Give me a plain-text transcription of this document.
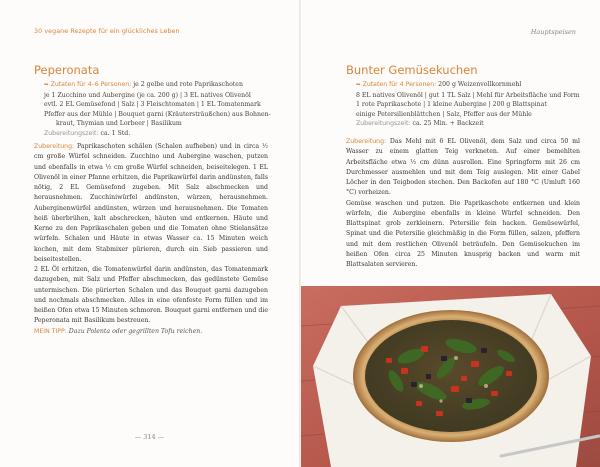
30 vegane Rezepte für ein glückliches Leben
Peperonata
➥ Zutaten für 4–6 Personen: je 2 gelbe und rote Paprikaschoten
je 1 Zucchino und Aubergine (je ca. 200 g) | 3 EL natives Olivenöl
evtl. 2 EL Gemüsefond | Salz | 3 Fleischtomaten | 1 EL Tomatenmark
Pfeffer aus der Mühle | Bouquet garni (Kräutersträußchen) aus Bohnen-
kraut, Thymian und Lorbeer | Basilikum
Zubereitungszeit: ca. 1 Std.
Zubereitung: Paprikaschoten schälen (Schalen aufheben) und in circa ½ cm große Würfel schneiden. Zucchino und Aubergine waschen, putzen und ebenfalls in etwa ½ cm große Würfel schneiden, beiseitelegen. 1 EL Olivenöl in einer Pfanne erhitzen, die Paprikawürfel darin andünsten, falls nötig, 2 EL Gemüsefond zugeben. Mit Salz abschmecken und herausnehmen. Zucchiniwürfel andünsten, würzen, herausnehmen. Auberginenwürfel andünsten, würzen und herausnehmen. Die Tomaten heiß überbrühen, kalt abschrecken, häuten und entkernen. Häute und Kerne zu den Paprikaschalen geben und die Tomaten ohne Stielansätze würfeln. Schalen und Häute in etwas Wasser ca. 15 Minuten weich kochen, mit dem Stabmixer pürieren, durch ein Sieb passieren und beiseitestellen.
2 EL Öl erhitzen, die Tomatenwürfel darin andünsten, das Tomatenmark dazugeben, mit Salz und Pfeffer abschmecken, das gedünstete Gemüse untermischen. Die pürierten Schalen und das Bouquet garni dazugeben und nochmals abschmecken. Alles in eine ofenfeste Form füllen und im heißen Ofen etwa 15 Minuten schmoren. Bouquet garni entfernen und die Peperonata mit Basilikum bestreuen.
MEIN TIPP: Dazu Polenta oder gegrillten Tofu reichen.
— 314 —
Hauptspeisen
Bunter Gemüsekuchen
➥ Zutaten für 4 Personen: 200 g Weizenvollkornmehl
8 EL natives Olivenöl | gut 1 TL Salz | Mehl für Arbeitsfläche und Form
1 rote Paprikaschote | 1 kleine Aubergine | 200 g Blattspinat
einige Petersilienblättchen | Salz, Pfeffer aus der Mühle
Zubereitungszeit: ca. 25 Min. + Backzeit
Zubereitung: Das Mehl mit 6 EL Olivenöl, dem Salz und circa 50 ml Wasser zu einem glatten Teig verkneten. Auf einer bemehlten Arbeitsfläche etwa ½ cm dünn ausrollen. Eine Springform mit 26 cm Durchmesser ausmehlen und mit dem Teig auslegen. Mit einer Gabel Löcher in den Teigboden stechen. Den Backofen auf 180 °C (Umluft 160 °C) vorheizen.
Gemüse waschen und putzen. Die Paprikaschote entkernen und klein würfeln, die Aubergine ebenfalls in kleine Würfel schneiden. Den Blattspinat grob zerkleinern. Petersilie fein hacken. Gemüsewürfel, Spinat und die Petersilie gleichmäßig in die Form füllen, salzen, pfeffern und mit dem restlichen Olivenöl beträufeln. Den Gemüsekuchen im heißen Ofen circa 25 Minuten knusprig backen und warm mit Blattsalaten servieren.
